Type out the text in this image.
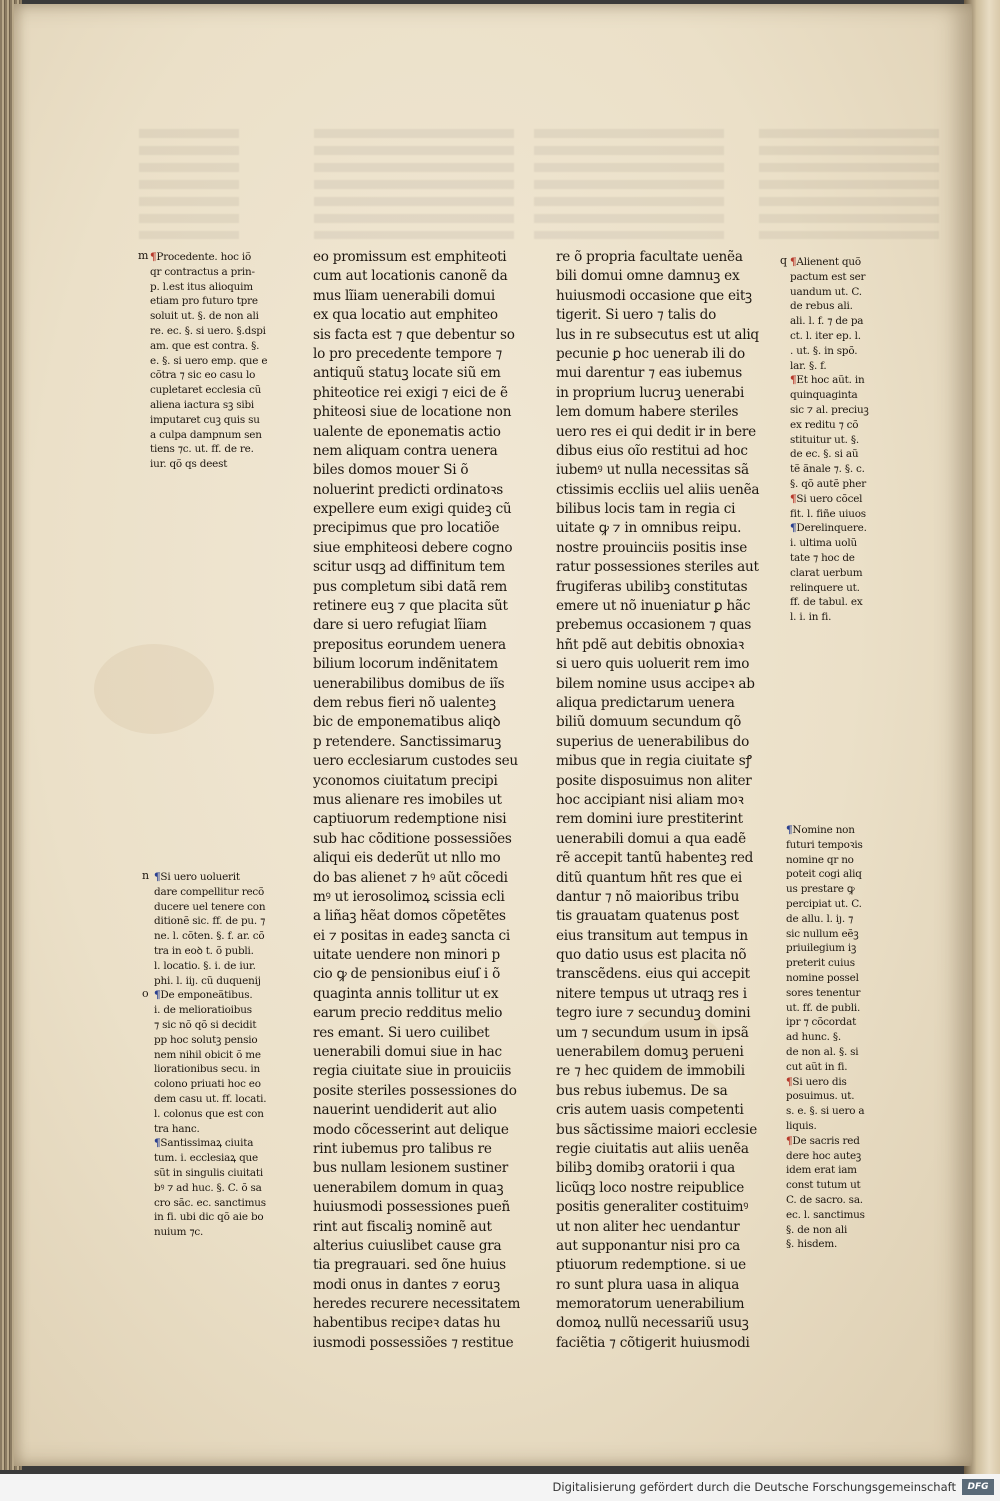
m ¶Procedente. hoc iõ
qr contractus a prin-
p. l.est itus alioquim
etiam pro futuro tpre
soluit ut. §. de non ali
re. ec. §. si uero. §.dspi
am. que est contra. §.
e. §. si uero emp. que e
cõtra ⁊ sic eo casu lo
cupletaret ecclesia cũ
aliena iactura sꝫ sibi
imputaret cuꝫ quis su
a culpa dampnum sen
tiens ⁊c. ut. ff. de re.
iur. qõ qs deest
n
o
¶Si uero uoluerit
dare compellitur recõ
ducere uel tenere con
ditionẽ sic. ff. de pu. ⁊
ne. l. cõten. §. f. ar. cõ
tra in eoꝺ t. õ publi.
l. locatio. §. i. de iur.
phi. l. iiȷ. cũ duquenij
¶De emponeãtibus.
i. de melioratioibus
⁊ sic nõ qõ si decidit
pp hoc solutꝫ pensio
nem nihil obicit õ me
liorationibus secu. in
colono priuati hoc eo
dem casu ut. ff. locati.
l. colonus que est con
tra hanc.
¶Santissimaꝝ ciuita
tum. i. ecclesiaꝝ que
sũt in singulis ciuitati
bꝰ ⁊ ad huc. §. C. õ sa
cro sãc. ec. sanctimus
in fi. ubi dic qõ aie bo
nuium ⁊c.
eo promissum est emphiteoti
cum aut locationis canonẽ da
mus lĩiam uenerabili domui
ex qua locatio aut emphiteo
sis facta est ⁊ que debentur so
lo pro precedente tempore ⁊
antiquũ statuꝫ locate siũ em
phiteotice rei exigi ⁊ eici de ẽ
phiteosi siue de locatione non
ualente de eponematis actio
nem aliquam contra uenera
biles domos mouer Si õ
noluerint predicti ordinatoꝛs
expellere eum exigi quideꝫ cũ
precipimus que pro locatiõe
siue emphiteosi debere cogno
scitur usqꝫ ad diffinitum tem
pus completum sibi datã rem
retinere euꝫ ⁊ que placita sũt
dare si uero refugiat lĩiam
prepositus eorundem uenera
bilium locorum indẽnitatem
uenerabilibus domibus de iĩs
dem rebus fieri nõ ualenteꝫ
bic de emponematibus aliqꝺ
p retendere. Sanctissimaruꝫ
uero ecclesiarum custodes seu
yconomos ciuitatum precipi
mus alienare res imobiles ut
captiuorum redemptione nisi
sub hac cõditione possessiões
aliqui eis dederũt ut nllo mo
do bas alienet ⁊ hꝰ aũt cõcedi
mꝰ ut ierosolimoꝝ scissia ecli
a liñaꝫ hẽat domos cõpetẽtes
ei ⁊ positas in eadeꝫ sancta ci
uitate uendere non minori p
cio ꝙ de pensionibus eiuſ i õ
quaginta annis tollitur ut ex
earum precio redditus melio
res emant. Si uero cuilibet
uenerabili domui siue in hac
regia ciuitate siue in prouiciis
posite steriles possessiones do
nauerint uendiderit aut alio
modo cõcesserint aut delique
rint iubemus pro talibus re
bus nullam lesionem sustiner
uenerabilem domum in quaꝫ
huiusmodi possessiones pueñ
rint aut fiscaliꝫ nominẽ aut
alterius cuiuslibet cause gra
tia pregrauari. sed õne huius
modi onus in dantes ⁊ eoruꝫ
heredes recurere necessitatem
habentibus recipeꝛ datas hu
iusmodi possessiões ⁊ restitue
re õ propria facultate uenẽa
bili domui omne damnuꝫ ex
huiusmodi occasione que eitꝫ
tigerit. Si uero ⁊ talis do
lus in re subsecutus est ut aliq
pecunie ꝑ hoc uenerab ili do
mui darentur ⁊ eas iubemus
in proprium lucruꝫ uenerabi
lem domum habere steriles
uero res ei qui dedit ir in bere
dibus eius oĩo restitui ad hoc
iubemꝰ ut nulla necessitas sã
ctissimis eccliis uel aliis uenẽa
bilibus locis tam in regia ci
uitate ꝙ ⁊ in omnibus reipu.
nostre prouinciis positis inse
ratur possessiones steriles aut
frugiferas ubilibꝫ constitutas
emere ut nõ inueniatur ꝑ hãc
prebemus occasionem ⁊ quas
hñt pdẽ aut debitis obnoxiaꝛ
si uero quis uoluerit rem imo
bilem nomine usus accipeꝛ ab
aliqua predictarum uenera
biliũ domuum secundum qõ
superius de uenerabilibus do
mibus que in regia ciuitate sꝭ
posite disposuimus non aliter
hoc accipiant nisi aliam moꝛ
rem domini iure prestiterint
uenerabili domui a qua eadẽ
rẽ accepit tantũ habenteꝫ red
ditũ quantum hñt res que ei
dantur ⁊ nõ maioribus tribu
tis grauatam quatenus post
eius transitum aut tempus in
quo datio usus est placita nõ
transcẽdens. eius qui accepit
nitere tempus ut utraqꝫ res i
tegro iure ⁊ secunduꝫ domini
um ⁊ secundum usum in ipsã
uenerabilem domuꝫ perueni
re ⁊ hec quidem de immobili
bus rebus iubemus. De sa
cris autem uasis competenti
bus sãctissime maiori ecclesie
regie ciuitatis aut aliis uenẽa
bilibꝫ domibꝫ oratorii i qua
licũqꝫ loco nostre reipublice
positis generaliter costituimꝰ
ut non aliter hec uendantur
aut supponantur nisi pro ca
ptiuorum redemptione. si ue
ro sunt plura uasa in aliqua
memoratorum uenerabilium
domoꝝ nullũ necessariũ usuꝫ
faciẽtia ⁊ cõtigerit huiusmodi
q ¶Alienent quõ
pactum est ser
uandum ut. C.
de rebus ali.
ali. l. f. ⁊ de pa
ct. l. iter ep. l.
. ut. §. in spõ.
lar. §. f.
¶Et hoc aũt. in
quinquaginta
sic ⁊ al. preciuꝫ
ex reditu ⁊ cõ
stituitur ut. §.
de ec. §. si aũ
tẽ ãnale ⁊. §. c.
§. qõ autẽ pher
¶Si uero cõcel
fit. l. fiñe uiuos
¶Derelinquere.
i. ultima uolũ
tate ⁊ hoc de
clarat uerbum
relinquere ut.
ff. de tabul. ex
l. i. in fi.
¶Nomine non
futuri tempoꝛis
nomine qr no
poteit cogi aliq
us prestare ꝙ
percipiat ut. C.
de allu. l. iȷ. ⁊
sic nullum eẽꝫ
priuilegium iꝫ
preterit cuius
nomine possel
sores tenentur
ut. ff. de publi.
ipr ⁊ cõcordat
ad hunc. §.
de non al. §. si
cut aũt in fi.
¶Si uero dis
posuimus. ut.
s. e. §. si uero a
liquis.
¶De sacris red
dere hoc auteꝫ
idem erat iam
const tutum ut
C. de sacro. sa.
ec. l. sanctimus
§. de non ali
§. hisdem.
Digitalisierung gefördert durch die Deutsche Forschungsgemeinschaft	DFG
